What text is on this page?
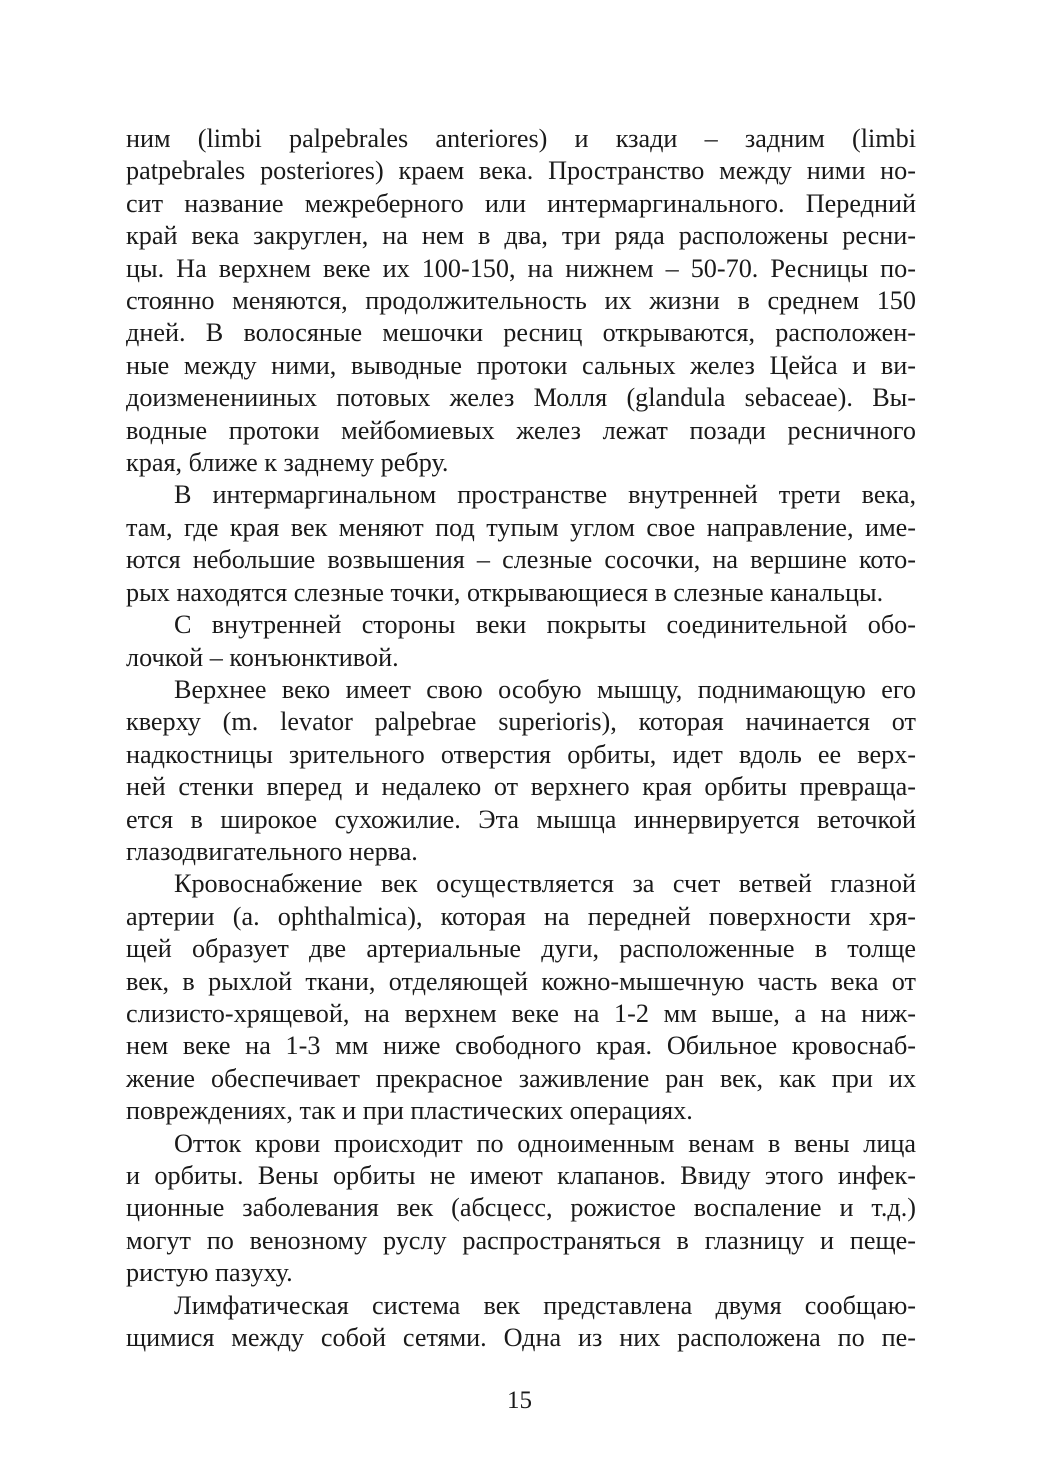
ним (limbi palpebrales anteriores) и кзади – задним (limbi
patpebrales posteriores) краем века. Пространство между ними но-
сит название межреберного или интермаргинального. Передний
край века закруглен, на нем в два, три ряда расположены ресни-
цы. На верхнем веке их 100-150, на нижнем – 50-70. Ресницы по-
стоянно меняются, продолжительность их жизни в среднем 150
дней. В волосяные мешочки ресниц открываются, расположен-
ные между ними, выводные протоки сальных желез Цейса и ви-
доизмененииных потовых желез Молля (glandula sebaceae). Вы-
водные протоки мейбомиевых желез лежат позади ресничного
края, ближе к заднему ребру.

В интермаргинальном пространстве внутренней трети века,
там, где края век меняют под тупым углом свое направление, име-
ются небольшие возвышения – слезные сосочки, на вершине кото-
рых находятся слезные точки, открывающиеся в слезные канальцы.

С внутренней стороны веки покрыты соединительной обо-
лочкой – конъюнктивой.

Верхнее веко имеет свою особую мышцу, поднимающую его
кверху (m. levator palpebrae superioris), которая начинается от
надкостницы зрительного отверстия орбиты, идет вдоль ее верх-
ней стенки вперед и недалеко от верхнего края орбиты превраща-
ется в широкое сухожилие. Эта мышца иннервируется веточкой
глазодвигательного нерва.

Кровоснабжение век осуществляется за счет ветвей глазной
артерии (a. ophthalmica), которая на передней поверхности хря-
щей образует две артериальные дуги, расположенные в толще
век, в рыхлой ткани, отделяющей кожно-мышечную часть века от
слизисто-хрящевой, на верхнем веке на 1-2 мм выше, а на ниж-
нем веке на 1-3 мм ниже свободного края. Обильное кровоснаб-
жение обеспечивает прекрасное заживление ран век, как при их
повреждениях, так и при пластических операциях.

Отток крови происходит по одноименным венам в вены лица
и орбиты. Вены орбиты не имеют клапанов. Ввиду этого инфек-
ционные заболевания век (абсцесс, рожистое воспаление и т.д.)
могут по венозному руслу распространяться в глазницу и пеще-
ристую пазуху.

Лимфатическая система век представлена двумя сообщаю-
щимися между собой сетями. Одна из них расположена по пе-

15
